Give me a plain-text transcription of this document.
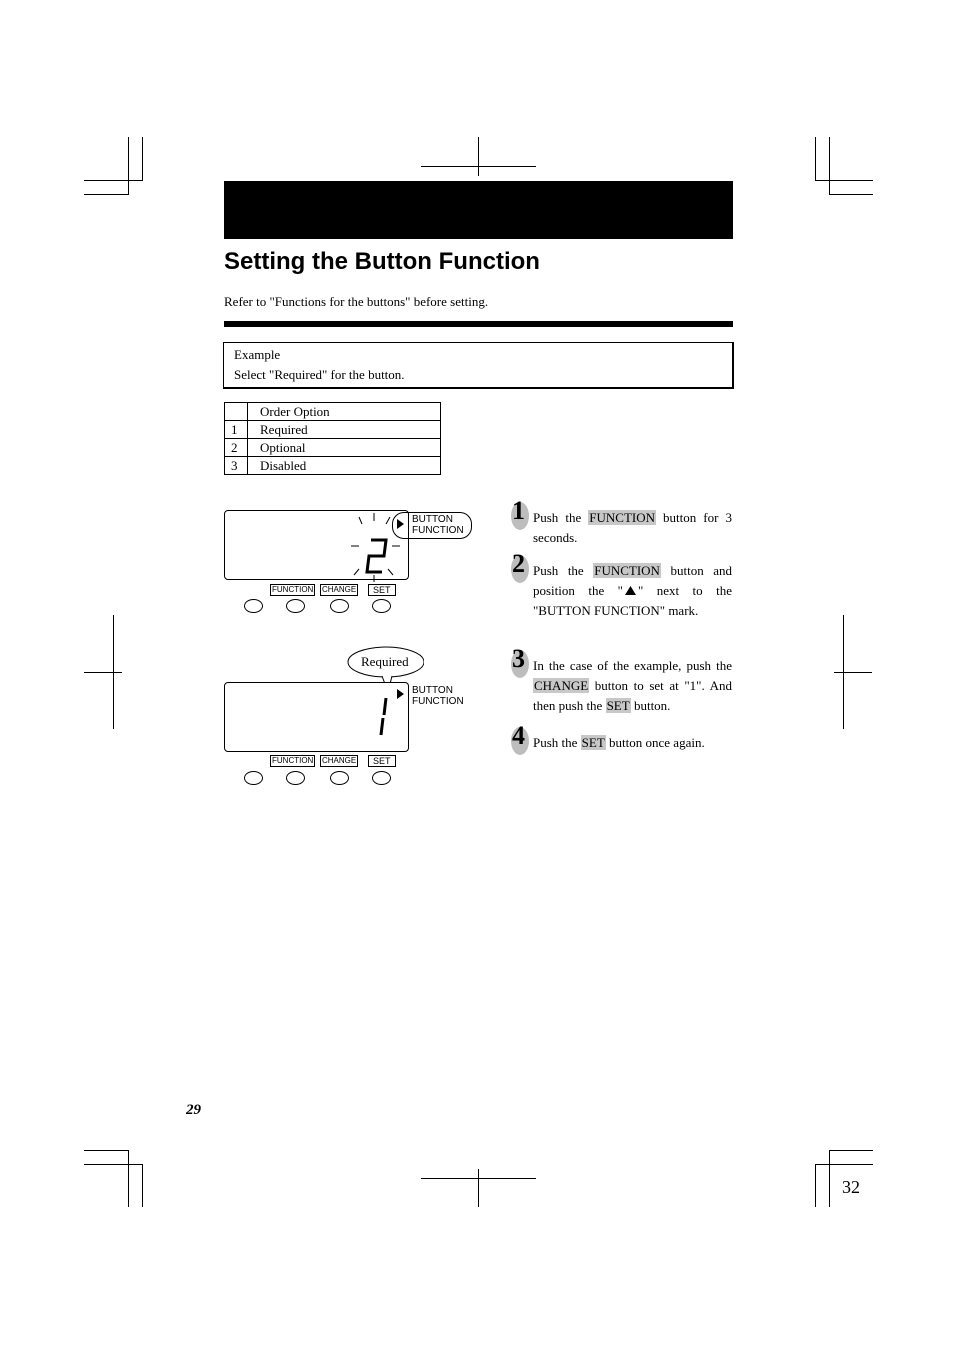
Setting the Button Function
Refer to "Functions for the buttons" before setting.
Example
Select "Required" for the button.
	Order Option
1	Required
2	Optional
3	Disabled
BUTTON
FUNCTION
FUNCTION CHANGE	SET
Required
BUTTON
FUNCTION
FUNCTION CHANGE	SET
1 Push the FUNCTION button for 3 seconds.
2 Push the FUNCTION button and position the " " next to the "BUTTON FUNCTION" mark.
3 In the case of the example, push the CHANGE button to set at "1". And then push the SET button.
4 Push the SET button once again.
29
32
